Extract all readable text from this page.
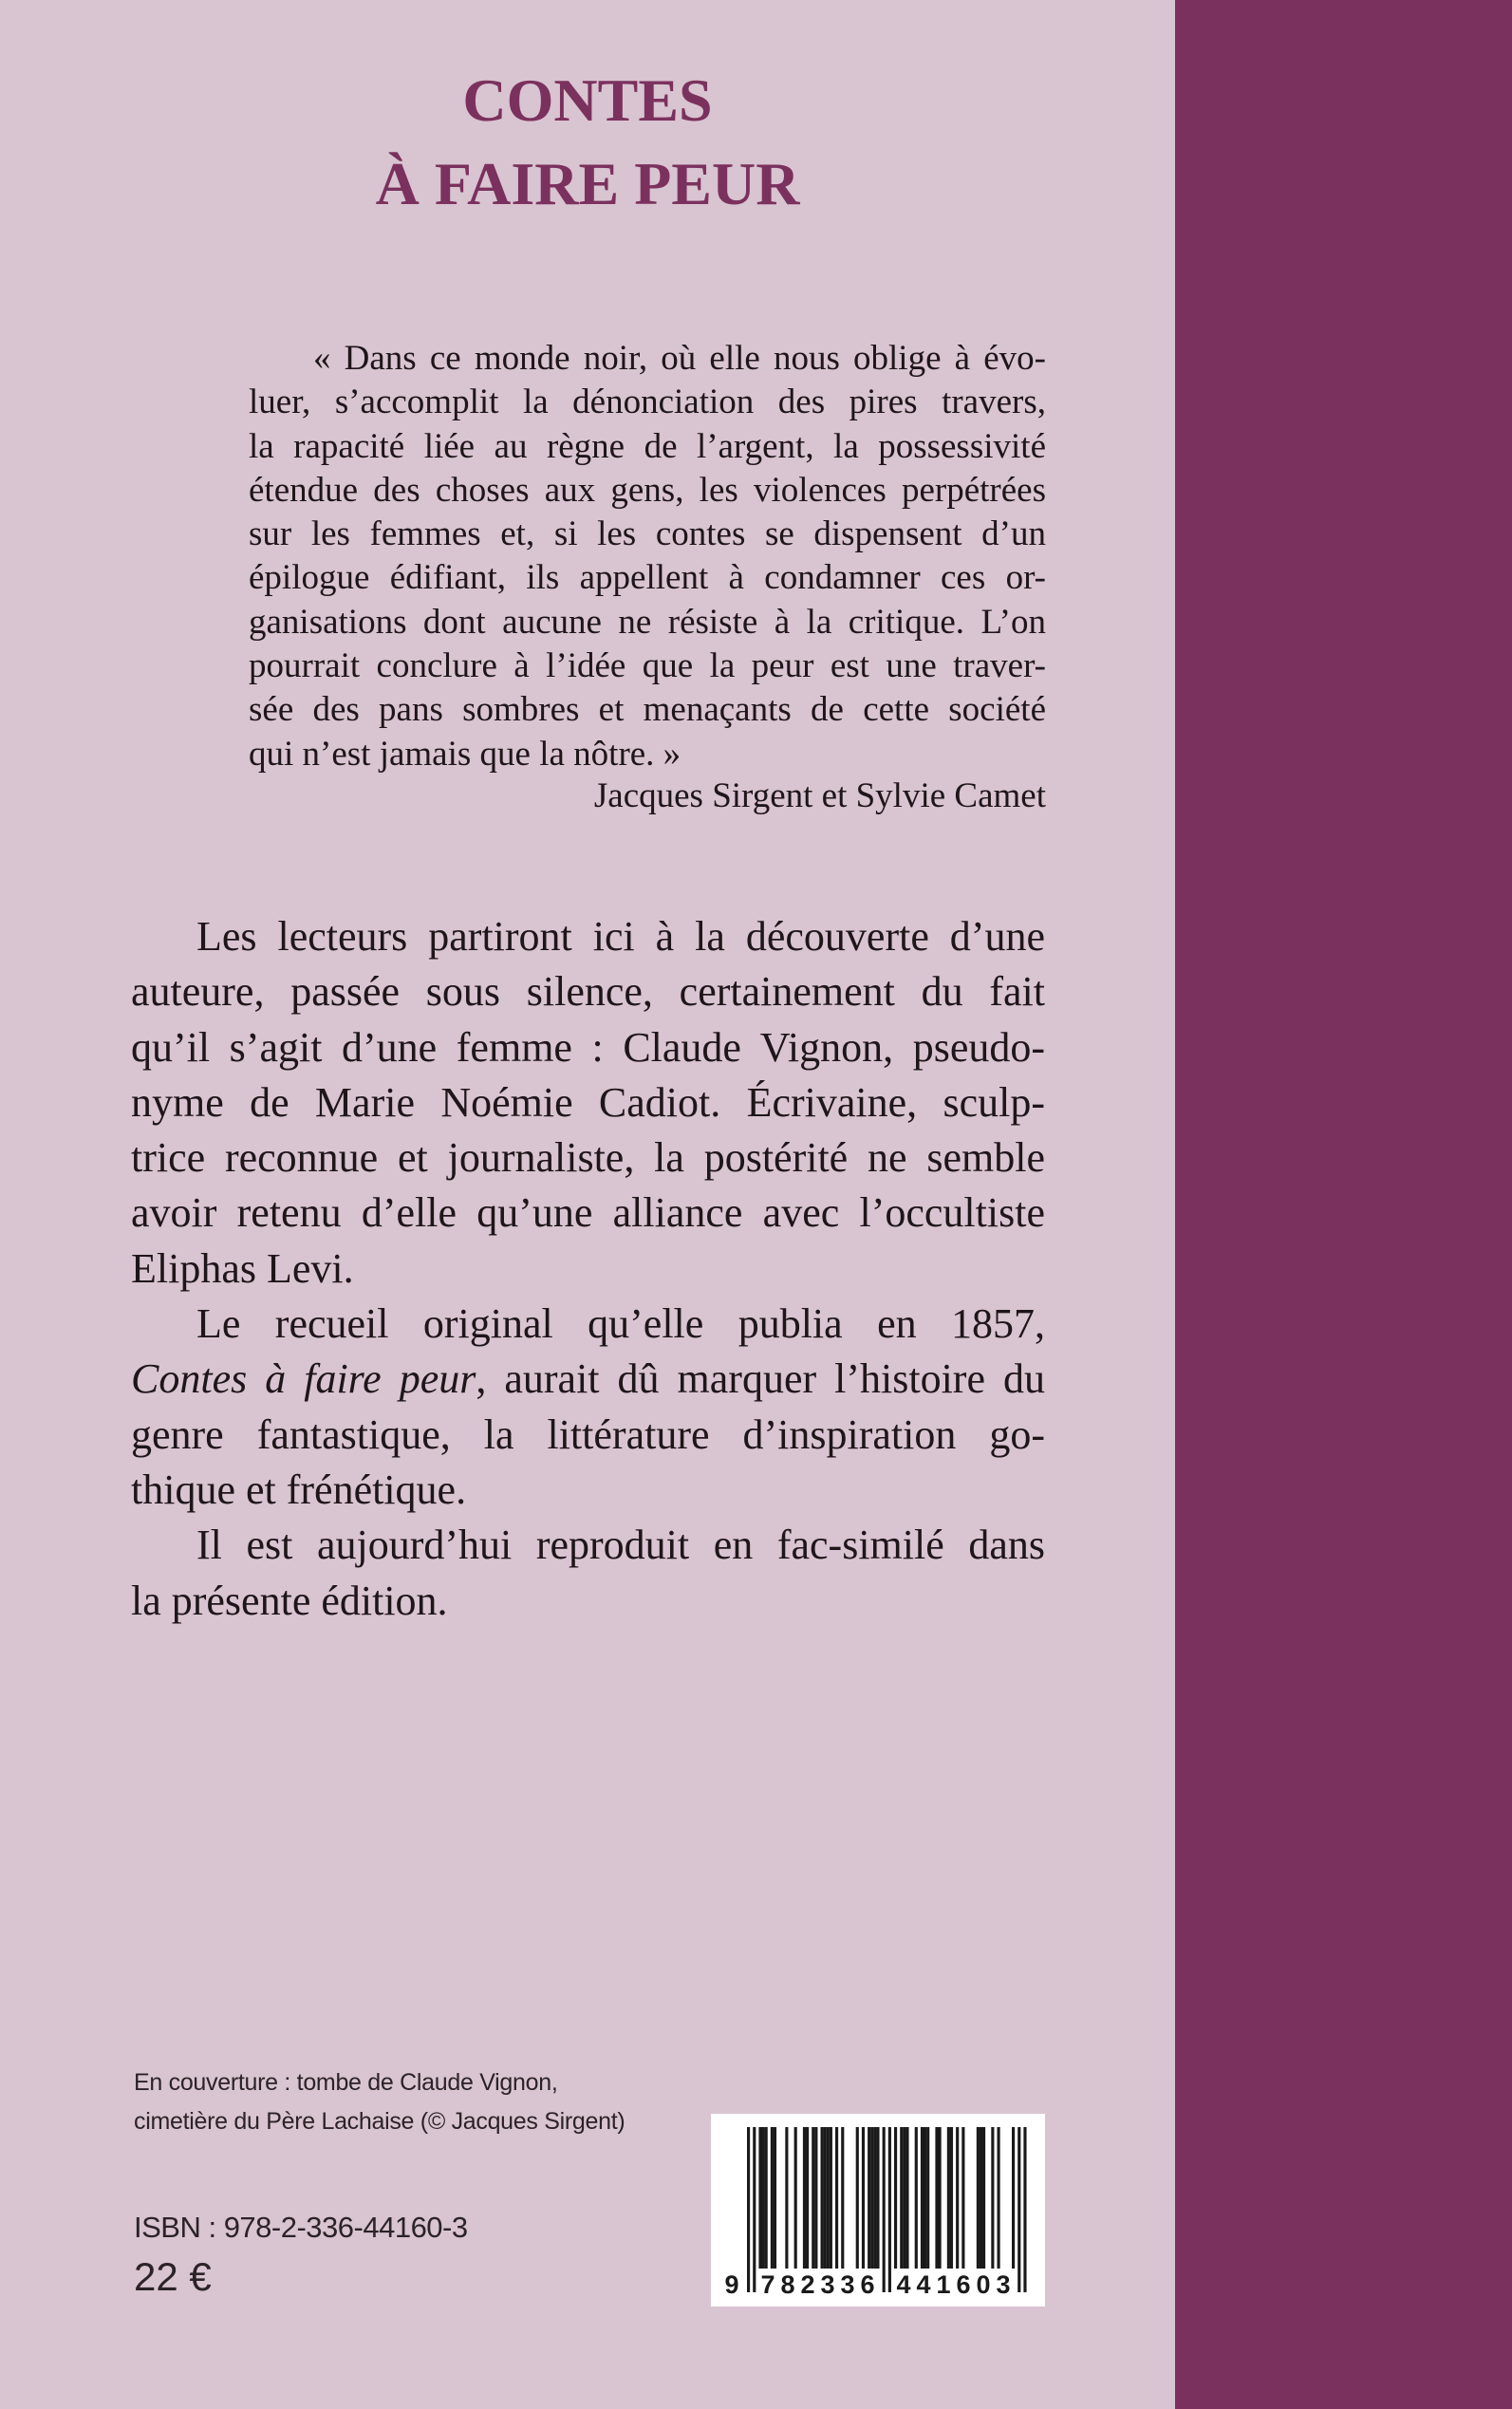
CONTES
À FAIRE PEUR
« Dans ce monde noir, où elle nous oblige à évo-
luer, s’accomplit la dénonciation des pires travers,
la rapacité liée au règne de l’argent, la possessivité
étendue des choses aux gens, les violences perpétrées
sur les femmes et, si les contes se dispensent d’un
épilogue édifiant, ils appellent à condamner ces or-
ganisations dont aucune ne résiste à la critique. L’on
pourrait conclure à l’idée que la peur est une traver-
sée des pans sombres et menaçants de cette société
qui n’est jamais que la nôtre. »
Jacques Sirgent et Sylvie Camet
Les lecteurs partiront ici à la découverte d’une
auteure, passée sous silence, certainement du fait
qu’il s’agit d’une femme : Claude Vignon, pseudo-
nyme de Marie Noémie Cadiot. Écrivaine, sculp-
trice reconnue et journaliste, la postérité ne semble
avoir retenu d’elle qu’une alliance avec l’occultiste
Eliphas Levi.
Le recueil original qu’elle publia en 1857,
Contes à faire peur, aurait dû marquer l’histoire du
genre fantastique, la littérature d’inspiration go-
thique et frénétique.
Il est aujourd’hui reproduit en fac-similé dans
la présente édition.
En couverture : tombe de Claude Vignon,
cimetière du Père Lachaise (© Jacques Sirgent)
ISBN : 978-2-336-44160-3
22 €	9 782336 441603
